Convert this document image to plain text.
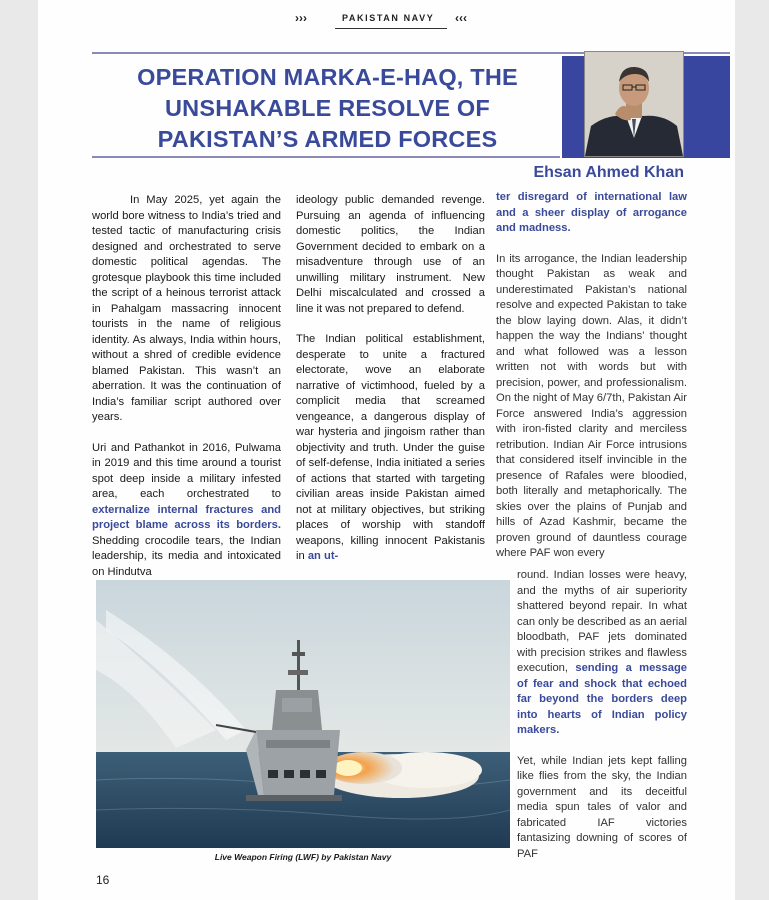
›››	PAKISTAN NAVY ‹‹‹
OPERATION MARKA-E-HAQ, THE
UNSHAKABLE RESOLVE OF
PAKISTAN’S ARMED FORCES
Ehsan Ahmed Khan

In May 2025, yet again the world bore witness to India’s tried and tested tactic of manufacturing crisis designed and orchestrated to serve domestic political agendas. The grotesque playbook this time included the script of a heinous terrorist attack in Pahalgam massacring innocent tourists in the name of religious identity. As always, India within hours, without a shred of credible evidence blamed Pakistan. This wasn’t an aberration. It was the continuation of India’s familiar script authored over years.

Uri and Pathankot in 2016, Pulwama in 2019 and this time around a tourist spot deep inside a military infested area, each orchestrated to externalize internal fractures and project blame across its borders. Shedding crocodile tears, the Indian leadership, its media and intoxicated on Hindutva

ideology public demanded revenge. Pursuing an agenda of influencing domestic politics, the Indian Government decided to embark on a misadventure through use of an unwilling military instrument. New Delhi miscalculated and crossed a line it was not prepared to defend.

The Indian political establishment, desperate to unite a fractured electorate, wove an elaborate narrative of victimhood, fueled by a complicit media that screamed vengeance, a dangerous display of war hysteria and jingoism rather than objectivity and truth. Under the guise of self-defense, India initiated a series of actions that started with targeting civilian areas inside Pakistan aimed not at military objectives, but striking places of worship with standoff weapons, killing innocent Pakistanis in an ut-

ter disregard of international law and a sheer display of arrogance and madness.

In its arrogance, the Indian leadership thought Pakistan as weak and underestimated Pakistan’s national resolve and expected Pakistan to take the blow laying down. Alas, it didn’t happen the way the Indians’ thought and what followed was a lesson written not with words but with precision, power, and professionalism. On the night of May 6/7th, Pakistan Air Force answered India’s aggression with iron-fisted clarity and merciless retribution. Indian Air Force intrusions that considered itself invincible in the presence of Rafales were bloodied, both literally and metaphorically. The skies over the plains of Punjab and hills of Azad Kashmir, became the proven ground of dauntless courage where PAF won every

round. Indian losses were heavy, and the myths of air superiority shattered beyond repair. In what can only be described as an aerial bloodbath, PAF jets dominated with precision strikes and flawless execution, sending a message of fear and shock that echoed far beyond the borders deep into hearts of Indian policy makers.

Yet, while Indian jets kept falling like flies from the sky, the Indian government and its deceitful media spun tales of valor and fabricated IAF victories fantasizing downing of scores of PAF

Live Weapon Firing (LWF) by Pakistan Navy
16
